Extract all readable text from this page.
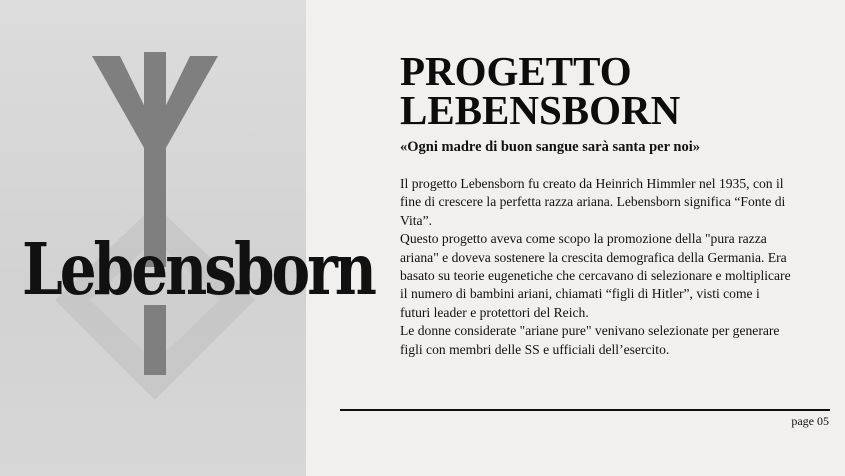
Lebensborn
PROGETTO
LEBENSBORN

«Ogni madre di buon sangue sarà santa per noi»

Il progetto Lebensborn fu creato da Heinrich Himmler nel 1935, con il fine di crescere la perfetta razza ariana. Lebensborn significa “Fonte di Vita”.

Questo progetto aveva come scopo la promozione della "pura razza ariana" e doveva sostenere la crescita demografica della Germania. Era basato su teorie eugenetiche che cercavano di selezionare e moltiplicare il numero di bambini ariani, chiamati “figli di Hitler”, visti come i futuri leader e protettori del Reich.

Le donne considerate "ariane pure" venivano selezionate per generare figli con membri delle SS e ufficiali dell’esercito.

page 05
